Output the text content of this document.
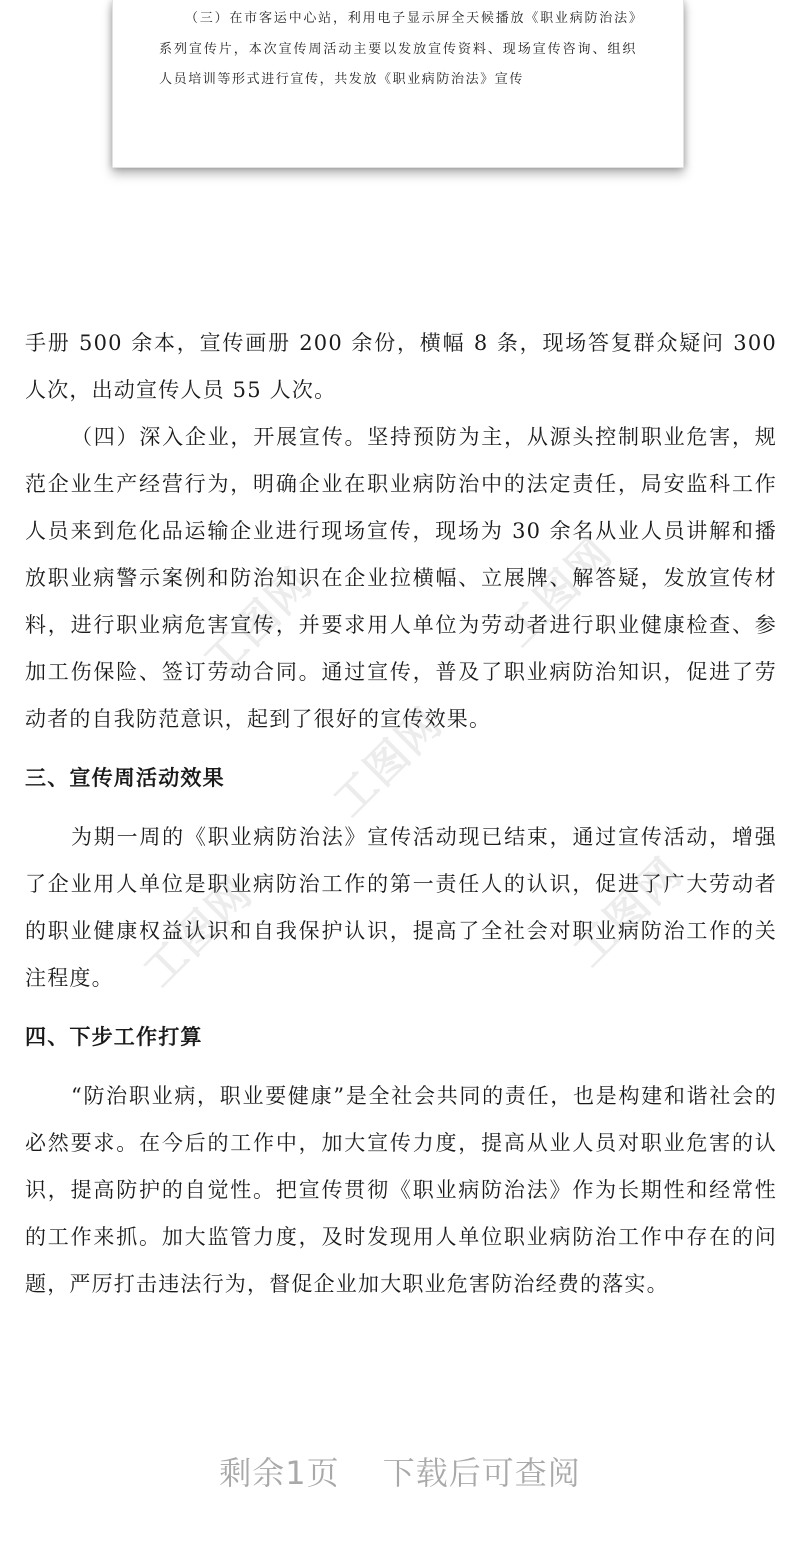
（三）在市客运中心站，利用电子显示屏全天候播放《职业病防治法》系列宣传片，本次宣传周活动主要以发放宣传资料、现场宣传咨询、组织人员培训等形式进行宣传，共发放《职业病防治法》宣传

工图网	工图网
工图网
工图网	工图网

手册 500 余本，宣传画册 200 余份，横幅 8 条，现场答复群众疑问 300 人次，出动宣传人员 55 人次。

（四）深入企业，开展宣传。坚持预防为主，从源头控制职业危害，规范企业生产经营行为，明确企业在职业病防治中的法定责任，局安监科工作人员来到危化品运输企业进行现场宣传，现场为 30 余名从业人员讲解和播放职业病警示案例和防治知识在企业拉横幅、立展牌、解答疑，发放宣传材料，进行职业病危害宣传，并要求用人单位为劳动者进行职业健康检查、参加工伤保险、签订劳动合同。通过宣传，普及了职业病防治知识，促进了劳动者的自我防范意识，起到了很好的宣传效果。

三、宣传周活动效果

为期一周的《职业病防治法》宣传活动现已结束，通过宣传活动，增强了企业用人单位是职业病防治工作的第一责任人的认识，促进了广大劳动者的职业健康权益认识和自我保护认识，提高了全社会对职业病防治工作的关注程度。

四、下步工作打算

“防治职业病，职业要健康”是全社会共同的责任，也是构建和谐社会的必然要求。在今后的工作中，加大宣传力度，提高从业人员对职业危害的认识，提高防护的自觉性。把宣传贯彻《职业病防治法》作为长期性和经常性的工作来抓。加大监管力度，及时发现用人单位职业病防治工作中存在的问题，严厉打击违法行为，督促企业加大职业危害防治经费的落实。

剩余1页 下载后可查阅
